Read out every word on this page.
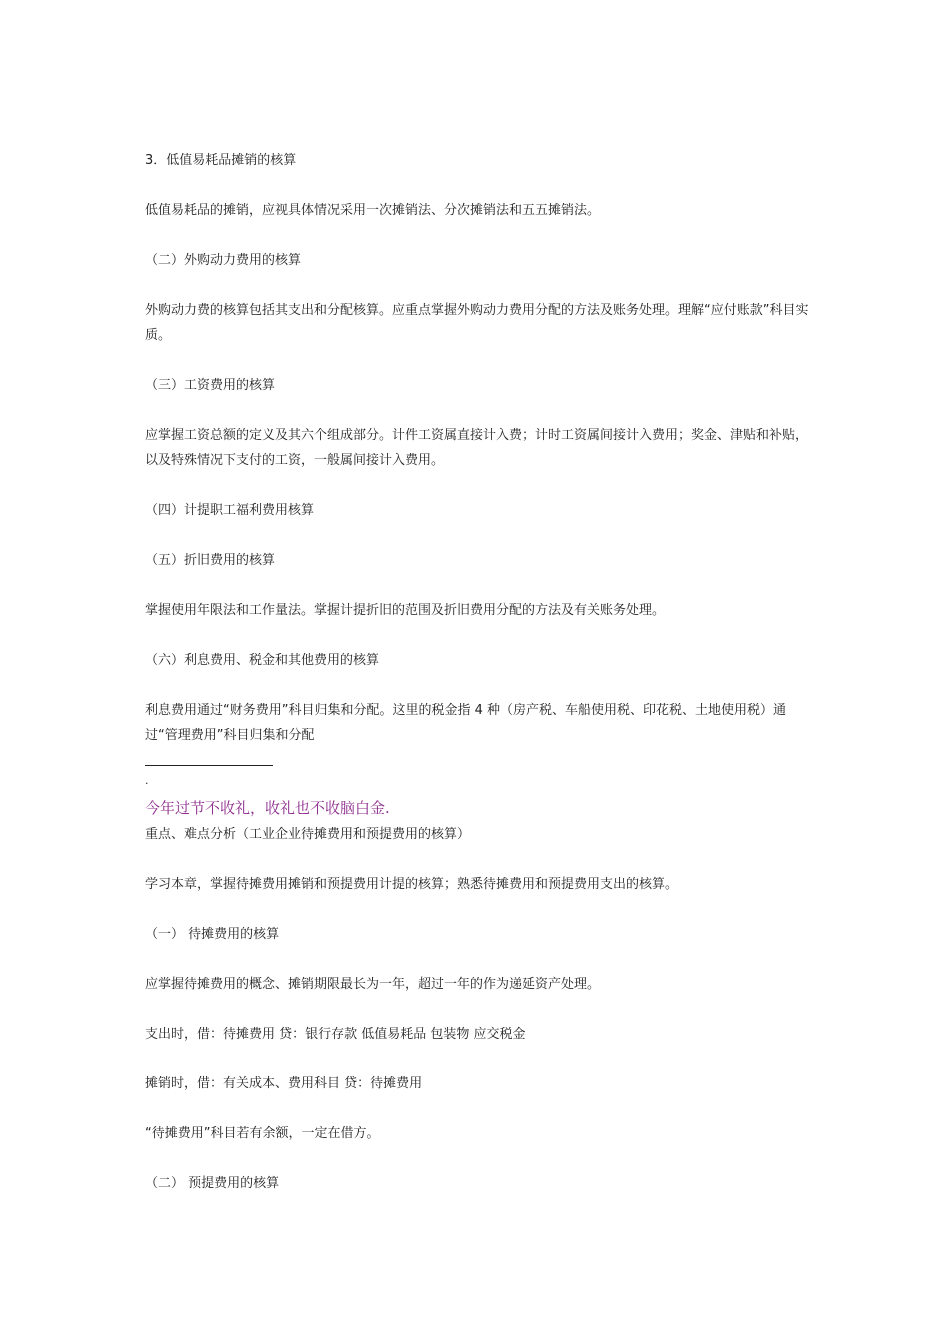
3．低值易耗品摊销的核算

低值易耗品的摊销，应视具体情况采用一次摊销法、分次摊销法和五五摊销法。

（二）外购动力费用的核算

外购动力费的核算包括其支出和分配核算。应重点掌握外购动力费用分配的方法及账务处理。理解“应付账款”科目实质。

（三）工资费用的核算

应掌握工资总额的定义及其六个组成部分。计件工资属直接计入费；计时工资属间接计入费用；奖金、津贴和补贴，以及特殊情况下支付的工资，一般属间接计入费用。

（四）计提职工福利费用核算

（五）折旧费用的核算

掌握使用年限法和工作量法。掌握计提折旧的范围及折旧费用分配的方法及有关账务处理。

（六）利息费用、税金和其他费用的核算

利息费用通过“财务费用”科目归集和分配。这里的税金指 4 种（房产税、车船使用税、印花税、土地使用税）通过“管理费用”科目归集和分配

.
今年过节不收礼，收礼也不收脑白金.

重点、难点分析（工业企业待摊费用和预提费用的核算）

学习本章，掌握待摊费用摊销和预提费用计提的核算；熟悉待摊费用和预提费用支出的核算。

（一） 待摊费用的核算

应掌握待摊费用的概念、摊销期限最长为一年，超过一年的作为递延资产处理。

支出时，借：待摊费用 贷：银行存款 低值易耗品 包装物 应交税金

摊销时，借：有关成本、费用科目 贷：待摊费用

“待摊费用”科目若有余额，一定在借方。

（二） 预提费用的核算
